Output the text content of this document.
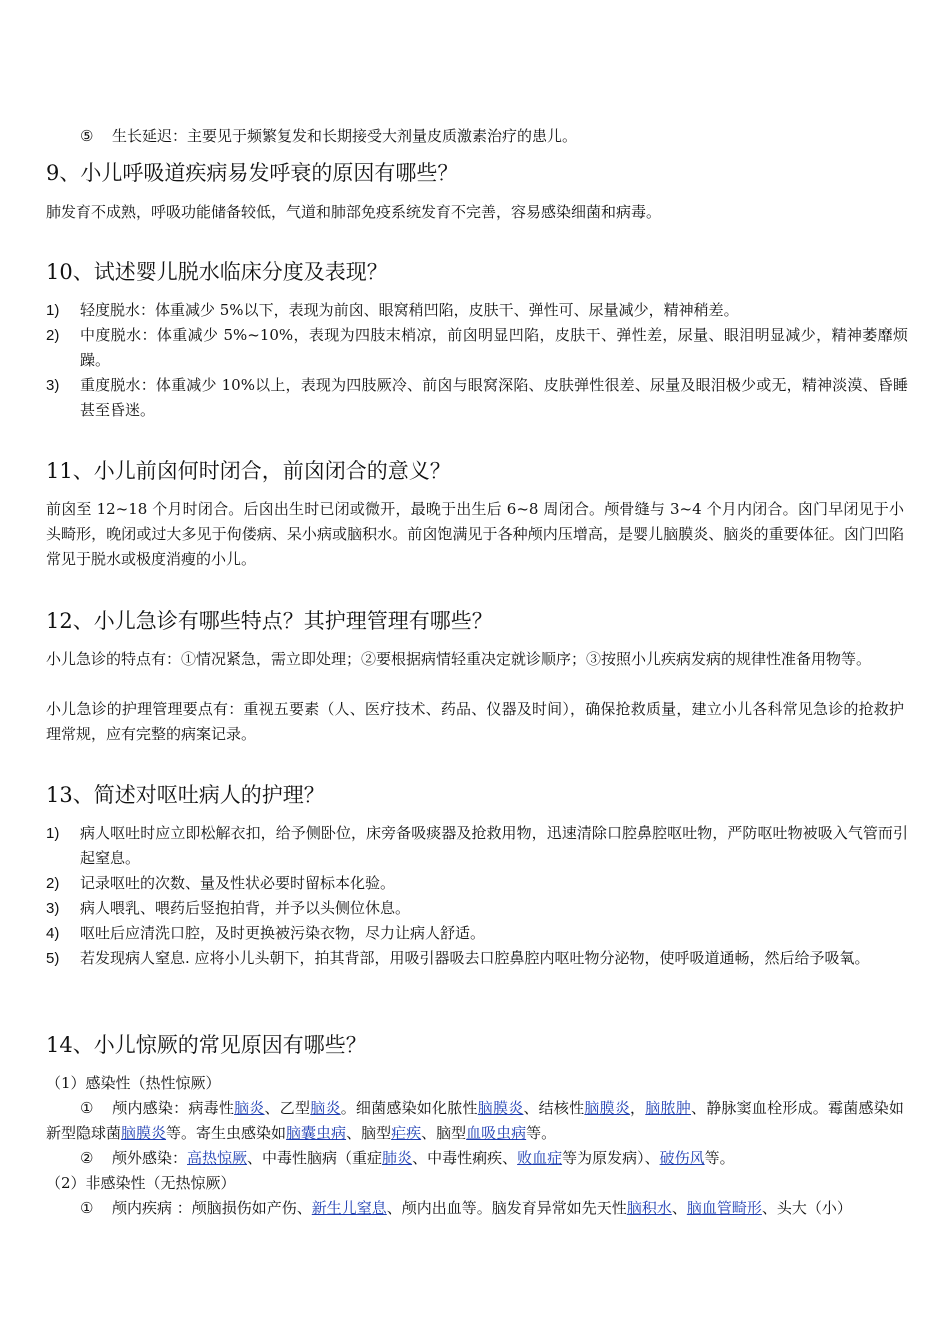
⑤ 生长延迟：主要见于频繁复发和长期接受大剂量皮质激素治疗的患儿。

9、小儿呼吸道疾病易发呼衰的原因有哪些？

肺发育不成熟，呼吸功能储备较低，气道和肺部免疫系统发育不完善，容易感染细菌和病毒。

10、试述婴儿脱水临床分度及表现？
1) 轻度脱水：体重减少 5%以下，表现为前囟、眼窝稍凹陷，皮肤干、弹性可、尿量减少，精神稍差。
2) 中度脱水：体重减少 5%~10%，表现为四肢末梢凉，前囟明显凹陷，皮肤干、弹性差，尿量、眼泪明显减少，精神萎靡烦躁。
3) 重度脱水：体重减少 10%以上，表现为四肢厥冷、前囟与眼窝深陷、皮肤弹性很差、尿量及眼泪极少或无，精神淡漠、昏睡甚至昏迷。
11、小儿前囟何时闭合，前囟闭合的意义？

前囟至 12~18 个月时闭合。后囟出生时已闭或微开，最晚于出生后 6~8 周闭合。颅骨缝与 3~4 个月内闭合。囟门早闭见于小头畸形，晚闭或过大多见于佝偻病、呆小病或脑积水。前囟饱满见于各种颅内压增高，是婴儿脑膜炎、脑炎的重要体征。囟门凹陷常见于脱水或极度消瘦的小儿。

12、小儿急诊有哪些特点？其护理管理有哪些？

小儿急诊的特点有：①情况紧急，需立即处理；②要根据病情轻重决定就诊顺序；③按照小儿疾病发病的规律性准备用物等。

小儿急诊的护理管理要点有：重视五要素（人、医疗技术、药品、仪器及时间），确保抢救质量，建立小儿各科常见急诊的抢救护理常规，应有完整的病案记录。

13、简述对呕吐病人的护理？
1) 病人呕吐时应立即松解衣扣，给予侧卧位，床旁备吸痰器及抢救用物，迅速清除口腔鼻腔呕吐物，严防呕吐物被吸入气管而引起窒息。
2) 记录呕吐的次数、量及性状必要时留标本化验。
3) 病人喂乳、喂药后竖抱拍背，并予以头侧位休息。
4) 呕吐后应清洗口腔，及时更换被污染衣物，尽力让病人舒适。
5) 若发现病人窒息. 应将小儿头朝下，拍其背部，用吸引器吸去口腔鼻腔内呕吐物分泌物，使呼吸道通畅，然后给予吸氧。
14、小儿惊厥的常见原因有哪些？

（1）感染性（热性惊厥）

① 颅内感染：病毒性脑炎、乙型脑炎。细菌感染如化脓性脑膜炎、结核性脑膜炎，脑脓肿、静脉窦血栓形成。霉菌感染如新型隐球菌脑膜炎等。寄生虫感染如脑囊虫病、脑型疟疾、脑型血吸虫病等。

② 颅外感染：高热惊厥、中毒性脑病（重症肺炎、中毒性痢疾、败血症等为原发病）、破伤风等。

（2）非感染性（无热惊厥）

① 颅内疾病 ：颅脑损伤如产伤、新生儿窒息、颅内出血等。脑发育异常如先天性脑积水、脑血管畸形、头大（小）
